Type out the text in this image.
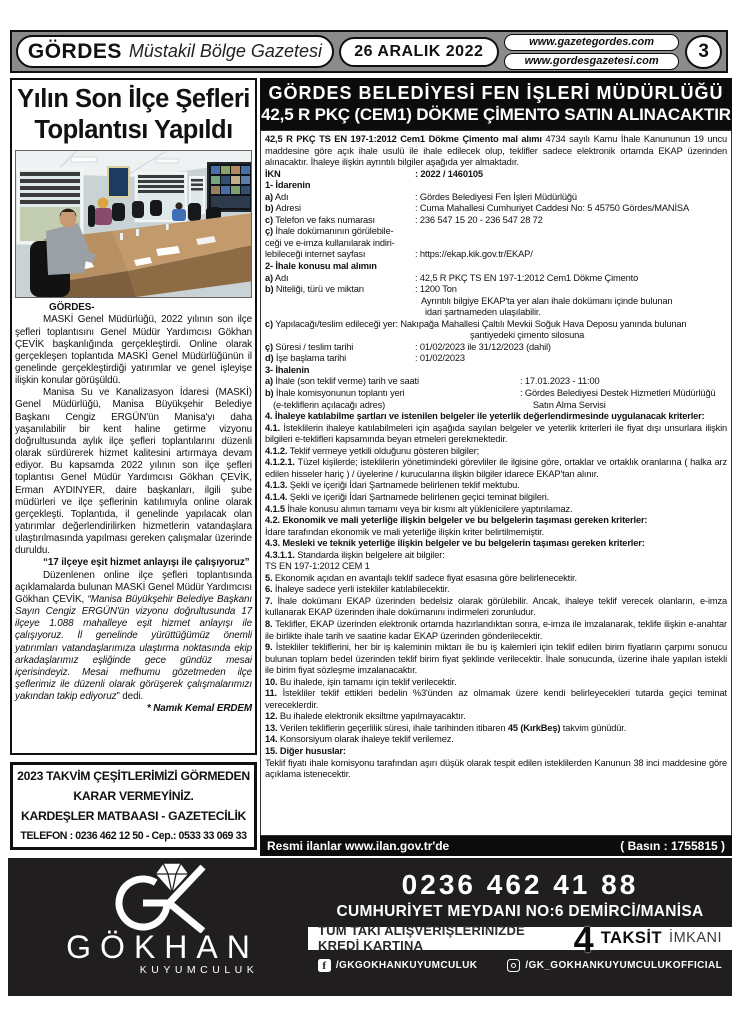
GÖRDES Müstakil Bölge Gazetesi 26 ARALIK 2022
www.gazetegordes.com
www.gordesgazetesi.com 3
Yılın Son İlçe Şefleri
Toplantısı Yapıldı
GÖRDES-
MASKİ Genel Müdürlüğü, 2022 yılının son ilçe şefleri toplantısını Genel Müdür Yardımcısı Gökhan ÇEVİK başkanlığında gerçekleştirdi. Online olarak gerçekleşen toplantıda MASKİ Genel Müdürlüğünün il genelinde gerçekleştirdiği yatırımlar ve genel işleyişe ilişkin konular görüşüldü.
Manisa Su ve Kanalizasyon İdaresi (MASKİ) Genel Müdürlüğü, Manisa Büyükşehir Belediye Başkanı Cengiz ERGÜN'ün Manisa'yı daha yaşanılabilir bir kent haline getirme vizyonu doğrultusunda aylık ilçe şefleri toplantılarını düzenli olarak sürdürerek hizmet kalitesini artırmaya devam ediyor. Bu kapsamda 2022 yılının son ilçe şefleri toplantısı Genel Müdür Yardımcısı Gökhan ÇEVİK, Erman AYDINYER, daire başkanları, ilgili şube müdürleri ve ilçe şeflerinin katılımıyla online olarak gerçekleşti. Toplantıda, il genelinde yapılacak olan yatırımlar değerlendirilirken hizmetlerin vatandaşlara ulaştırılmasında yapılması gereken çalışmalar üzerinde duruldu.
“17 ilçeye eşit hizmet anlayışı ile çalışıyoruz”
Düzenlenen online ilçe şefleri toplantısında açıklamalarda bulunan MASKİ Genel Müdür Yardımcısı Gökhan ÇEVİK, “Manisa Büyükşehir Belediye Başkanı Sayın Cengiz ERGÜN'ün vizyonu doğrultusunda 17 ilçeye 1.088 mahalleye eşit hizmet anlayışı ile çalışıyoruz. İl genelinde yürüttüğümüz önemli yatırımları vatandaşlarımıza ulaştırma noktasında ekip arkadaşlarımız eşliğinde gece gündüz mesai içerisindeyiz. Mesai mefhumu gözetmeden ilçe şeflerimiz ile düzenli olarak görüşerek çalışmalarımızı yakından takip ediyoruz” dedi.
* Namık Kemal ERDEM
2023 TAKVİM ÇEŞİTLERİMİZİ GÖRMEDEN
KARAR VERMEYİNİZ.
KARDEŞLER MATBAASI - GAZETECİLİK
TELEFON : 0236 462 12 50 - Cep.: 0533 33 069 33
GÖRDES BELEDİYESİ FEN İŞLERİ MÜDÜRLÜĞÜ
42,5 R PKÇ (CEM1) DÖKME ÇİMENTO SATIN ALINACAKTIR
42,5 R PKÇ TS EN 197-1:2012 Cem1 Dökme Çimento mal alımı 4734 sayılı Kamu İhale Kanununun 19 uncu maddesine göre açık ihale usulü ile ihale edilecek olup, teklifler sadece elektronik ortamda EKAP üzerinden alınacaktır. İhaleye ilişkin ayrıntılı bilgiler aşağıda yer almaktadır.
İKN	: 2022 / 1460105
1- İdarenin
a) Adı	: Gördes Belediyesi Fen İşleri Müdürlüğü
b) Adresi	: Cuma Mahallesi Cumhuriyet Caddesi No: 5 45750 Gördes/MANİSA
c) Telefon ve faks numarası	: 236 547 15 20 - 236 547 28 72
ç) İhale dokümanının görülebile-
ceği ve e-imza kullanılarak indiri-
lebileceği internet sayfası	: https://ekap.kik.gov.tr/EKAP/
2- İhale konusu mal alımın
a) Adı	: 42,5 R PKÇ TS EN 197-1:2012 Cem1 Dökme Çimento
b) Niteliği, türü ve miktarı	: 1200 Ton
Ayrıntılı bilgiye EKAP'ta yer alan ihale dokümanı içinde bulunan
idari şartnameden ulaşılabilir.
c) Yapılacağı/teslim edileceği yer: Nakıpağa Mahallesi Çaltılı Mevkii Soğuk Hava Deposu yanında bulunan şantiyedeki çimento silosuna
ç) Süresi / teslim tarihi	: 01/02/2023 ile 31/12/2023 (dahil)
d) İşe başlama tarihi	: 01/02/2023
3- İhalenin
a) İhale (son teklif verme) tarih ve saati	: 17.01.2023 - 11:00
b) İhale komisyonunun toplantı yeri	: Gördes Belediyesi Destek Hizmetleri Müdürlüğü
(e-tekliflerin açılacağı adres)	Satın Alma Servisi
4. İhaleye katılabilme şartları ve istenilen belgeler ile yeterlik değerlendirmesinde uygulanacak kriterler:
4.1. İsteklilerin ihaleye katılabilmeleri için aşağıda sayılan belgeler ve yeterlik kriterleri ile fiyat dışı unsurlara ilişkin bilgileri e-teklifleri kapsamında beyan etmeleri gerekmektedir.
4.1.2. Teklif vermeye yetkili olduğunu gösteren bilgiler;
4.1.2.1. Tüzel kişilerde; isteklilerin yönetimindeki görevliler ile ilgisine göre, ortaklar ve ortaklık oranlarına ( halka arz edilen hisseler hariç ) / üyelerine / kurucularına ilişkin bilgiler idarece EKAP'tan alınır.
4.1.3. Şekli ve içeriği İdari Şartnamede belirlenen teklif mektubu.
4.1.4. Şekli ve içeriği İdari Şartnamede belirlenen geçici teminat bilgileri.
4.1.5 İhale konusu alımın tamamı veya bir kısmı alt yüklenicilere yaptırılamaz.
4.2. Ekonomik ve mali yeterliğe ilişkin belgeler ve bu belgelerin taşıması gereken kriterler:
İdare tarafından ekonomik ve mali yeterliğe ilişkin kriter belirtilmemiştir.
4.3. Mesleki ve teknik yeterliğe ilişkin belgeler ve bu belgelerin taşıması gereken kriterler:
4.3.1.1. Standarda ilişkin belgelere ait bilgiler:
TS EN 197-1:2012 CEM 1
5. Ekonomik açıdan en avantajlı teklif sadece fiyat esasına göre belirlenecektir.
6. İhaleye sadece yerli istekliler katılabilecektir.
7. İhale dokümanı EKAP üzerinden bedelsiz olarak görülebilir. Ancak, ihaleye teklif verecek olanların, e-imza kullanarak EKAP üzerinden ihale dokümanını indirmeleri zorunludur.
8. Teklifler, EKAP üzerinden elektronik ortamda hazırlandıktan sonra, e-imza ile imzalanarak, teklife ilişkin e-anahtar ile birlikte ihale tarih ve saatine kadar EKAP üzerinden gönderilecektir.
9. İstekliler tekliflerini, her bir iş kaleminin miktarı ile bu iş kalemleri için teklif edilen birim fiyatların çarpımı sonucu bulunan toplam bedel üzerinden teklif birim fiyat şeklinde verilecektir. İhale sonucunda, üzerine ihale yapılan istekli ile birim fiyat sözleşme imzalanacaktır.
10. Bu ihalede, işin tamamı için teklif verilecektir.
11. İstekliler teklif ettikleri bedelin %3'ünden az olmamak üzere kendi belirleyecekleri tutarda geçici teminat vereceklerdir.
12. Bu ihalede elektronik eksiltme yapılmayacaktır.
13. Verilen tekliflerin geçerlilik süresi, ihale tarihinden itibaren 45 (KırkBeş) takvim günüdür.
14. Konsorsiyum olarak ihaleye teklif verilemez.
15. Diğer hususlar:
Teklif fiyatı ihale komisyonu tarafından aşırı düşük olarak tespit edilen isteklilerden Kanunun 38 inci maddesine göre açıklama istenecektir.
Resmi ilanlar www.ilan.gov.tr'de	( Basın : 1755815 )
GÖKHAN
KUYUMCULUK
0236 462 41 88
CUMHURİYET MEYDANI NO:6 DEMİRCİ/MANİSA
TÜM TAKI ALIŞVERİŞLERİNİZDE KREDİ KARTINA	4 TAKSİT İMKANI
f /GKGOKHANKUYUMCULUK	/GK_GOKHANKUYUMCULUKOFFICIAL
